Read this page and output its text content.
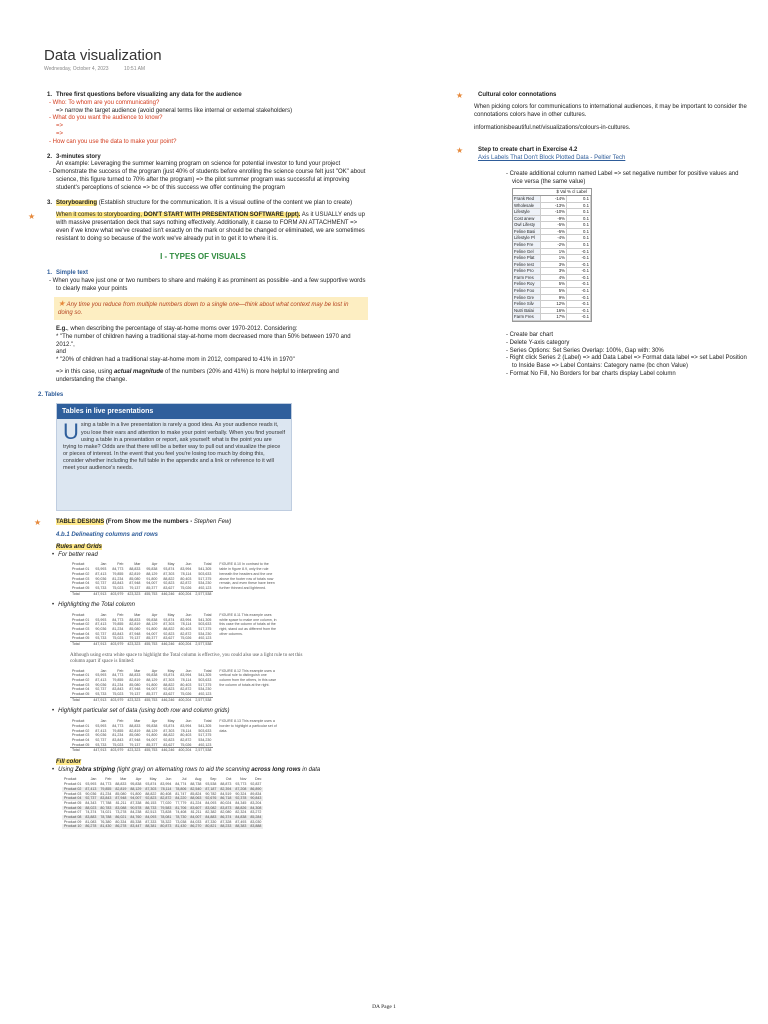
Data visualization
Wednesday, October 4, 2023	10:51 AM
1. Three first questions before visualizing any data for the audience
- Who: To whom are you communicating?
=> narrow the target audience (avoid general terms like internal or external stakeholders)
- What do you want the audience to know?
=>
=>
- How can you use the data to make your point?
2. 3-minutes story
An example: Leveraging the summer learning program on science for potential investor to fund your project
- Demonstrate the success of the program (just 40% of students before enrolling the science course felt just "OK" about science, this figure turned to 70% after the program) => the pilot summer program was successful at improving student's perceptions of science => bc of this success we offer continuing the program
3. Storyboarding (Establish structure for the communication. It is a visual outline of the content we plan to create)
★	When it comes to storyboarding, DON'T START WITH PRESENTATION SOFTWARE (ppt). As it USUALLY ends up with massive presentation deck that says nothing effectively. Additionally, it cause to FORM AN ATTACHMENT => even if we know what we've created isn't exactly on the mark or should be changed or eliminated, we are sometimes resistant to doing so because of the work we've already put in to get it to where it is.
I - TYPES OF VISUALS
1. Simple text
- When you have just one or two numbers to share and making it as prominent as possible -and a few supportive words to clearly make your points
★ Any time you reduce from multiple numbers down to a single one—think about what context may be lost in doing so.
E.g., when describing the percentage of stay-at-home moms over 1970-2012. Considering:
* "The number of children having a traditional stay-at-home mom decreased more than 50% between 1970 and 2012.",
and
* "20% of children had a traditional stay-at-home mom in 2012, compared to 41% in 1970"
=> in this case, using actual magnitude of the numbers (20% and 41%) is more helpful to interpreting and understanding the change.
2. Tables
Tables in live presentations
Using a table in a live presentation is rarely a good idea. As your audience reads it, you lose their ears and attention to make your point verbally. When you find yourself using a table in a presentation or report, ask yourself: what is the point you are trying to make? Odds are that there will be a better way to pull out and visualize the piece or pieces of interest. In the event that you feel you're losing too much by doing this, consider whether including the full table in the appendix and a link or reference to it will meet your audience's needs.
★ TABLE DESIGNS (From Show me the numbers - Stephen Few)
4.b.1 Delineating columns and rows
Rules and Grids
• For better read
Product	Jan	Feb	Mar	Apr	May	Jun	Total
Product 01	93,993	84,773	88,833	95,838	93,874	83,994	541,305
Product 02	87,413	79,855	82,819	88,129	87,303	78,114	503,633
Product 03	90,036	81,234	85,080	91,800	88,822	80,403	517,375
Product 04	92,737	83,843	87,948	94,007	92,823	82,872	534,230
Product 05	93,733	75,023	79,137	85,377	83,627	75,026	492,123
Total	447,913	403,979	423,323	455,753	446,246	400,204	2,577,538
FIGURE 8.10 In contrast to the table in figure 8.9, only the rule beneath the headers and the one above the footer row of totals now remain, and even these have been further thinned and lightened.
• Highlighting the Total column
Product	Jan	Feb	Mar	Apr	May	Jun	Total
Product 01	93,993	84,773	88,833	95,838	93,874	83,994	541,305
Product 02	87,413	79,855	82,819	88,129	87,303	78,114	503,633
Product 03	90,036	81,234	85,080	91,800	88,822	80,403	517,375
Product 04	92,737	83,843	87,948	94,007	92,823	82,872	534,230
Product 05	93,733	75,023	79,137	85,377	83,627	75,026	492,123
Total	447,913	403,979	423,323	455,753	446,246	400,204	2,577,538
FIGURE 8.11 This example uses white space to make one column, in this case the column of totals at the right, stand out as different from the other columns.
Although using extra white space to highlight the Total column is effective, you could also use a light rule to set this column apart if space is limited:
Product	Jan	Feb	Mar	Apr	May	Jun	Total
Product 01	93,993	84,773	88,833	95,838	93,874	83,994	541,305
Product 02	87,413	79,855	82,819	88,129	87,303	78,114	503,633
Product 03	90,036	81,234	85,080	91,800	88,822	80,403	517,375
Product 04	92,737	83,843	87,948	94,007	92,823	82,872	534,230
Product 05	93,733	75,023	79,137	85,377	83,627	75,026	492,123
Total	447,913	403,979	423,323	455,753	446,246	400,204	2,577,538
FIGURE 8.12 This example uses a vertical rule to distinguish one column from the others, in this case the column of totals at the right.
• Highlight particular set of data (using both row and column grids)
Product	Jan	Feb	Mar	Apr	May	Jun	Total
Product 01	93,993	84,773	88,833	95,838	93,874	83,994	541,305
Product 02	87,413	79,855	82,819	88,129	87,303	78,114	503,633
Product 03	90,036	81,234	85,080	91,800	88,822	80,403	517,375
Product 04	92,737	83,843	87,948	94,007	92,823	82,872	534,230
Product 05	93,733	75,023	79,137	85,377	83,627	75,026	492,123
Total	447,913	403,979	423,323	455,753	446,246	400,204	2,577,538
FIGURE 8.13 This example uses a border to highlight a particular set of data.
Fill color
• Using Zebra striping (light gray) on alternating rows to aid the scanning across long rows in data
Product	Jan	Feb	Mar	Apr	May	Jun	Jul	Aug	Sep	Oct	Nov	Dec
Product 01	93,993	84,773	88,833	95,838	93,874	83,994	84,774	88,738	93,538	88,873	93,773	92,837
Product 02	87,413	79,855	82,819	88,129	87,303	78,114	78,806	82,540	87,187	82,394	87,208	86,890
Product 03	90,036	81,234	85,080	91,800	88,822	80,408	81,747	85,824	90,782	84,519	90,324	89,834
Product 04	92,737	83,843	87,948	94,007	92,823	82,872	84,220	88,063	92,676	86,718	92,378	90,843
Product 05	84,343	77,788	81,211	87,338	86,153	77,020	77,779	81,224	84,093	80,024	84,345	83,204
Product 06	88,023	80,783	83,088	90,578	88,733	79,583	81,706	83,607	83,082	83,873	88,826	84,308
Product 07	74,374	74,021	73,278	84,238	82,513	73,828	74,408	81,211	82,382	82,080	82,324	83,272
Product 08	83,883	78,788	86,021	84,760	84,093	78,081	78,730	84,007	84,883	86,374	84,838	85,284
Product 09	81,083	76,380	80,334	85,338	87,333	78,322	73,038	84,033	87,330	87,328	87,493	83,030
Product 10	86,278	81,430	86,278	83,447	88,381	80,873	81,430	86,270	80,821	88,233	88,383	83,888
★ Cultural color connotations
When picking colors for communications to international audiences, it may be important to consider the connotations colors have in other cultures.
informationisbeautiful.net/visualizations/colours-in-cultures.
★ Step to create chart in Exercise 4.2
Axis Labels That Don't Block Plotted Data - Peltier Tech
- Create additional column named Label => set negative number for positive values and vice versa (the same value)
$ Val % cl Label
Frank Red	-14%	0.1
Wholesale	-13%	0.1
Lifestyle	-10%	0.1
Cost anew	-9%	0.1
Owl Lifesty	-5%	0.1
Feline Basi	-5%	0.1
Lifestyle Pl	-4%	0.1
Feline Fre	-2%	0.1
Feline Gel	1%	-0.1
Feline Plat	1%	-0.1
Feline Iest	3%	-0.1
Feline Pro	3%	-0.1
Farm Fres	4%	-0.1
Feline Roy	5%	-0.1
Feline Foo	5%	-0.1
Feline Gre	9%	-0.1
Feline Silv	12%	-0.1
Nutri Balai	16%	-0.1
Farm Fres	17%	-0.1
- Create bar chart
- Delete Y-axis category
- Series Options: Set Series Overlap: 100%, Gap with: 30%
- Right click Series 2 (Label) => add Data Label => Format data label => set Label Position to Inside Base => Label Contains: Category name (bc chon Value)
- Format No Fill, No Borders for bar charts display Label column
DA Page 1
